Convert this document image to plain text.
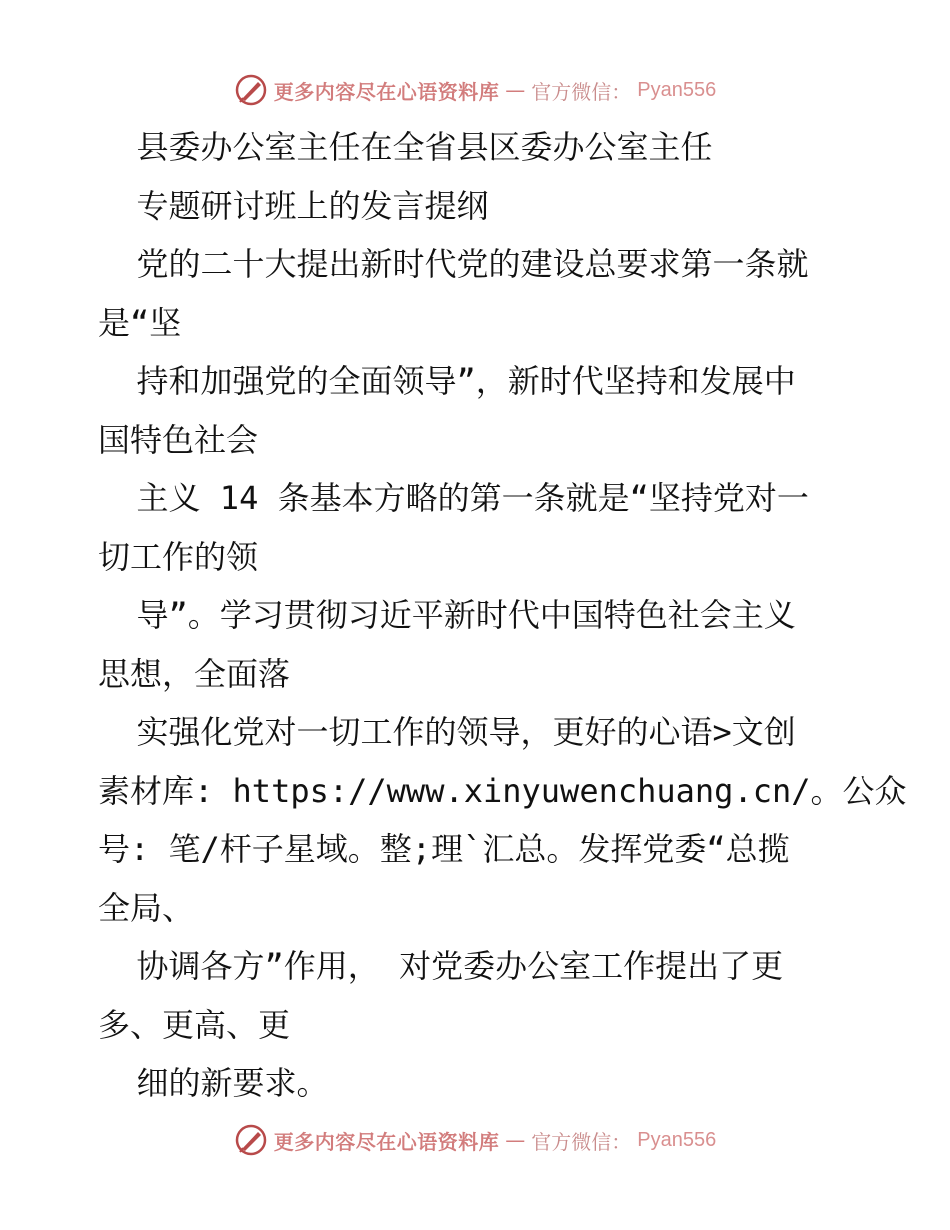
更多内容尽在心语资料库 — 官方微信： Pyan556
县委办公室主任在全省县区委办公室主任
专题研讨班上的发言提纲
党的二十大提出新时代党的建设总要求第一条就
是“坚
持和加强党的全面领导”，新时代坚持和发展中
国特色社会
主义 14 条基本方略的第一条就是“坚持党对一
切工作的领
导”。学习贯彻习近平新时代中国特色社会主义
思想，全面落
实强化党对一切工作的领导，更好的心语>文创
素材库: https://www.xinyuwenchuang.cn/。公众
号: 笔/杆子星域。整;理`汇总。发挥党委“总揽
全局、
协调各方”作用， 对党委办公室工作提出了更
多、更高、更
细的新要求。
更多内容尽在心语资料库 — 官方微信： Pyan556
